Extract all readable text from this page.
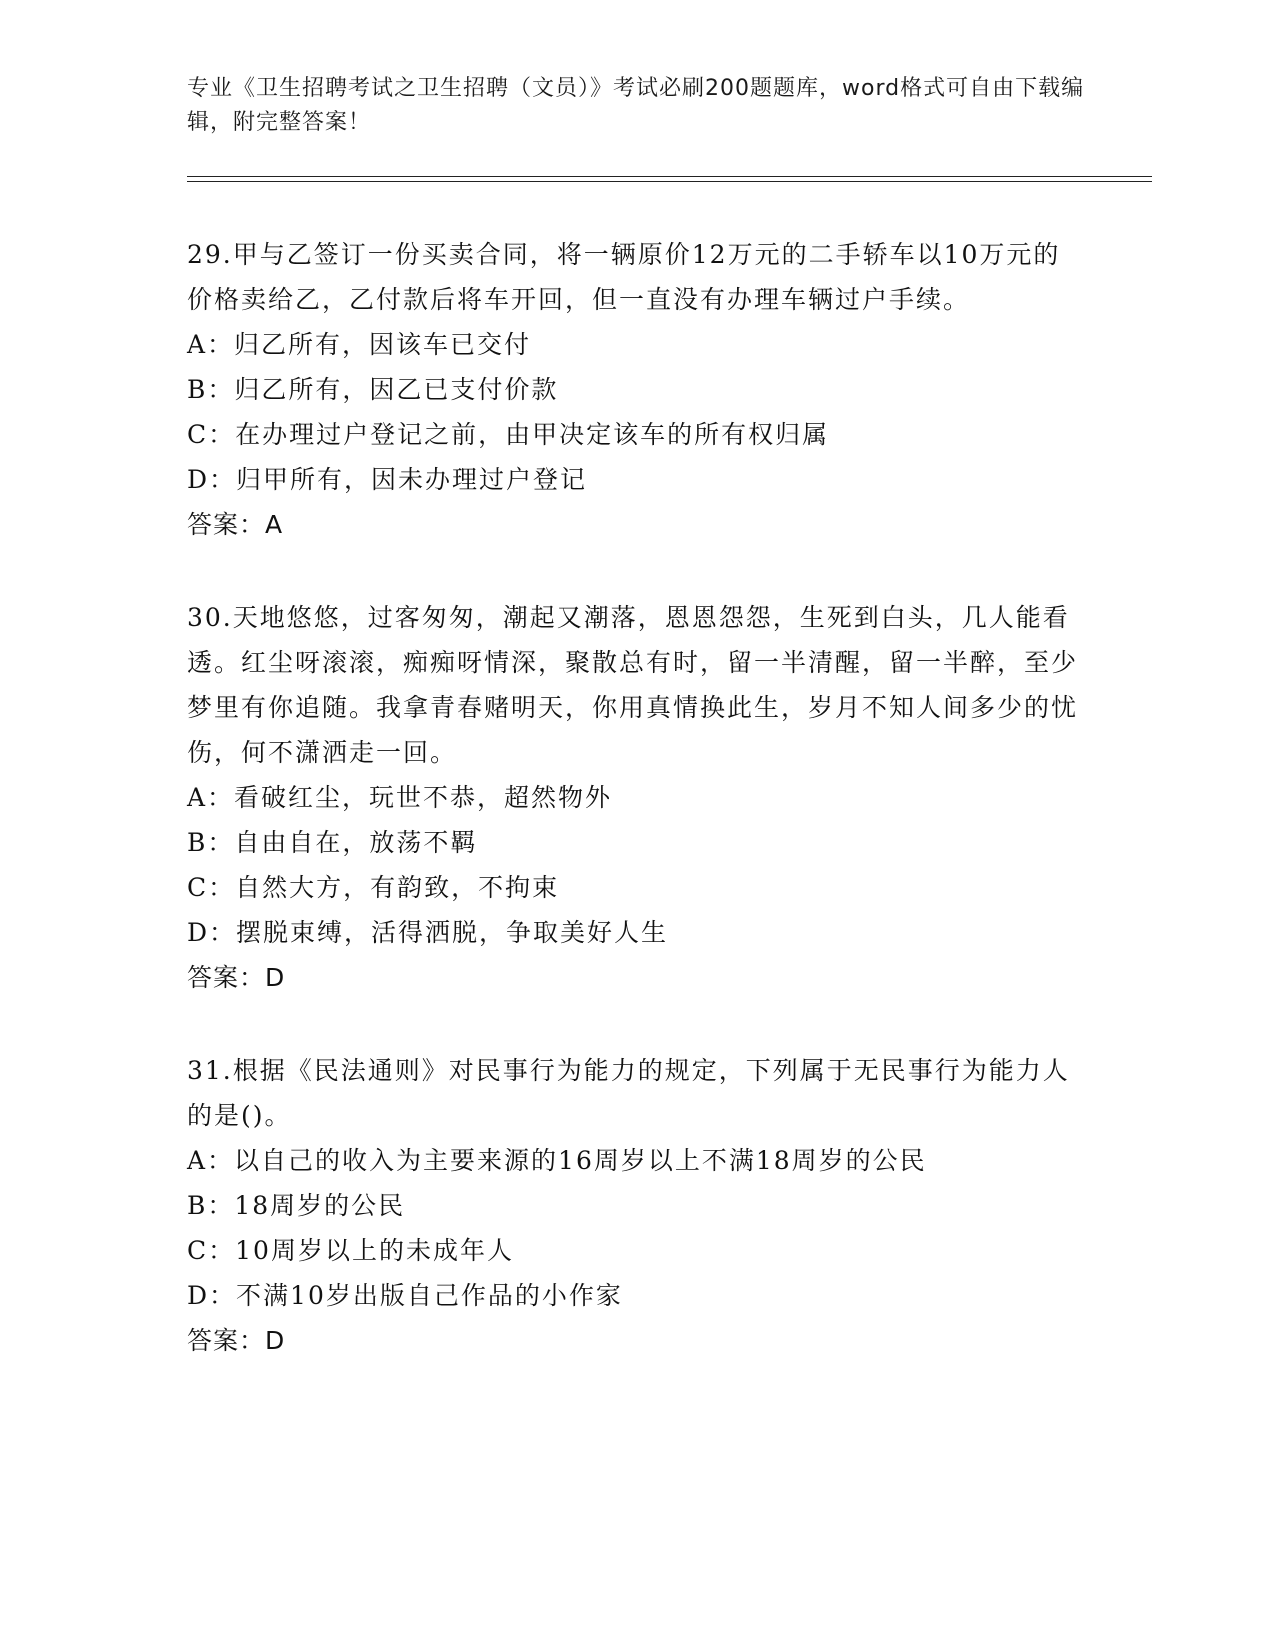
专业《卫生招聘考试之卫生招聘（文员）》考试必刷200题题库，word格式可自由下载编辑，附完整答案！

29.甲与乙签订一份买卖合同，将一辆原价12万元的二手轿车以10万元的价格卖给乙，乙付款后将车开回，但一直没有办理车辆过户手续。

A：归乙所有，因该车已交付

B：归乙所有，因乙已支付价款

C：在办理过户登记之前，由甲决定该车的所有权归属

D：归甲所有，因未办理过户登记

答案：A

30.天地悠悠，过客匆匆，潮起又潮落，恩恩怨怨，生死到白头，几人能看透。红尘呀滚滚，痴痴呀情深，聚散总有时，留一半清醒，留一半醉，至少梦里有你追随。我拿青春赌明天，你用真情换此生，岁月不知人间多少的忧伤，何不潇洒走一回。

A：看破红尘，玩世不恭，超然物外

B：自由自在，放荡不羁

C：自然大方，有韵致，不拘束

D：摆脱束缚，活得洒脱，争取美好人生

答案：D

31.根据《民法通则》对民事行为能力的规定，下列属于无民事行为能力人的是()。

A：以自己的收入为主要来源的16周岁以上不满18周岁的公民

B：18周岁的公民

C：10周岁以上的未成年人

D：不满10岁出版自己作品的小作家

答案：D
